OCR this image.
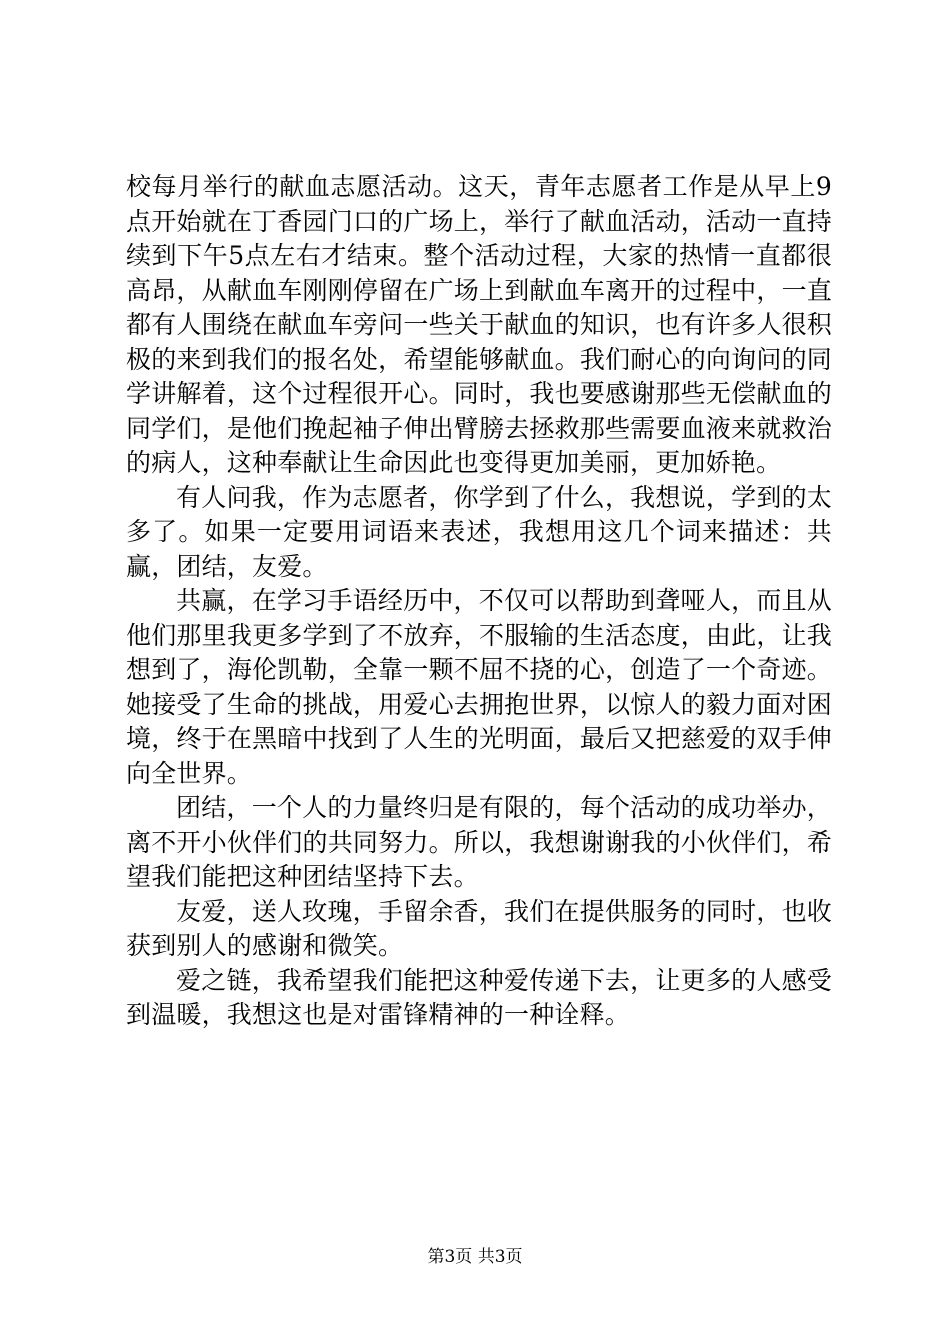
校每月举行的献血志愿活动。这天，青年志愿者工作是从早上9点开始就在丁香园门口的广场上，举行了献血活动，活动一直持续到下午5点左右才结束。整个活动过程，大家的热情一直都很高昂，从献血车刚刚停留在广场上到献血车离开的过程中，一直都有人围绕在献血车旁问一些关于献血的知识，也有许多人很积极的来到我们的报名处，希望能够献血。我们耐心的向询问的同学讲解着，这个过程很开心。同时，我也要感谢那些无偿献血的同学们，是他们挽起袖子伸出臂膀去拯救那些需要血液来就救治的病人，这种奉献让生命因此也变得更加美丽，更加娇艳。

有人问我，作为志愿者，你学到了什么，我想说，学到的太多了。如果一定要用词语来表述，我想用这几个词来描述：共赢，团结，友爱。

共赢，在学习手语经历中，不仅可以帮助到聋哑人，而且从他们那里我更多学到了不放弃，不服输的生活态度，由此，让我想到了，海伦凯勒，全靠一颗不屈不挠的心，创造了一个奇迹。她接受了生命的挑战，用爱心去拥抱世界，以惊人的毅力面对困境，终于在黑暗中找到了人生的光明面，最后又把慈爱的双手伸向全世界。

团结，一个人的力量终归是有限的，每个活动的成功举办，离不开小伙伴们的共同努力。所以，我想谢谢我的小伙伴们，希望我们能把这种团结坚持下去。

友爱，送人玫瑰，手留余香，我们在提供服务的同时，也收获到别人的感谢和微笑。

爱之链，我希望我们能把这种爱传递下去，让更多的人感受到温暖，我想这也是对雷锋精神的一种诠释。

第3页 共3页
